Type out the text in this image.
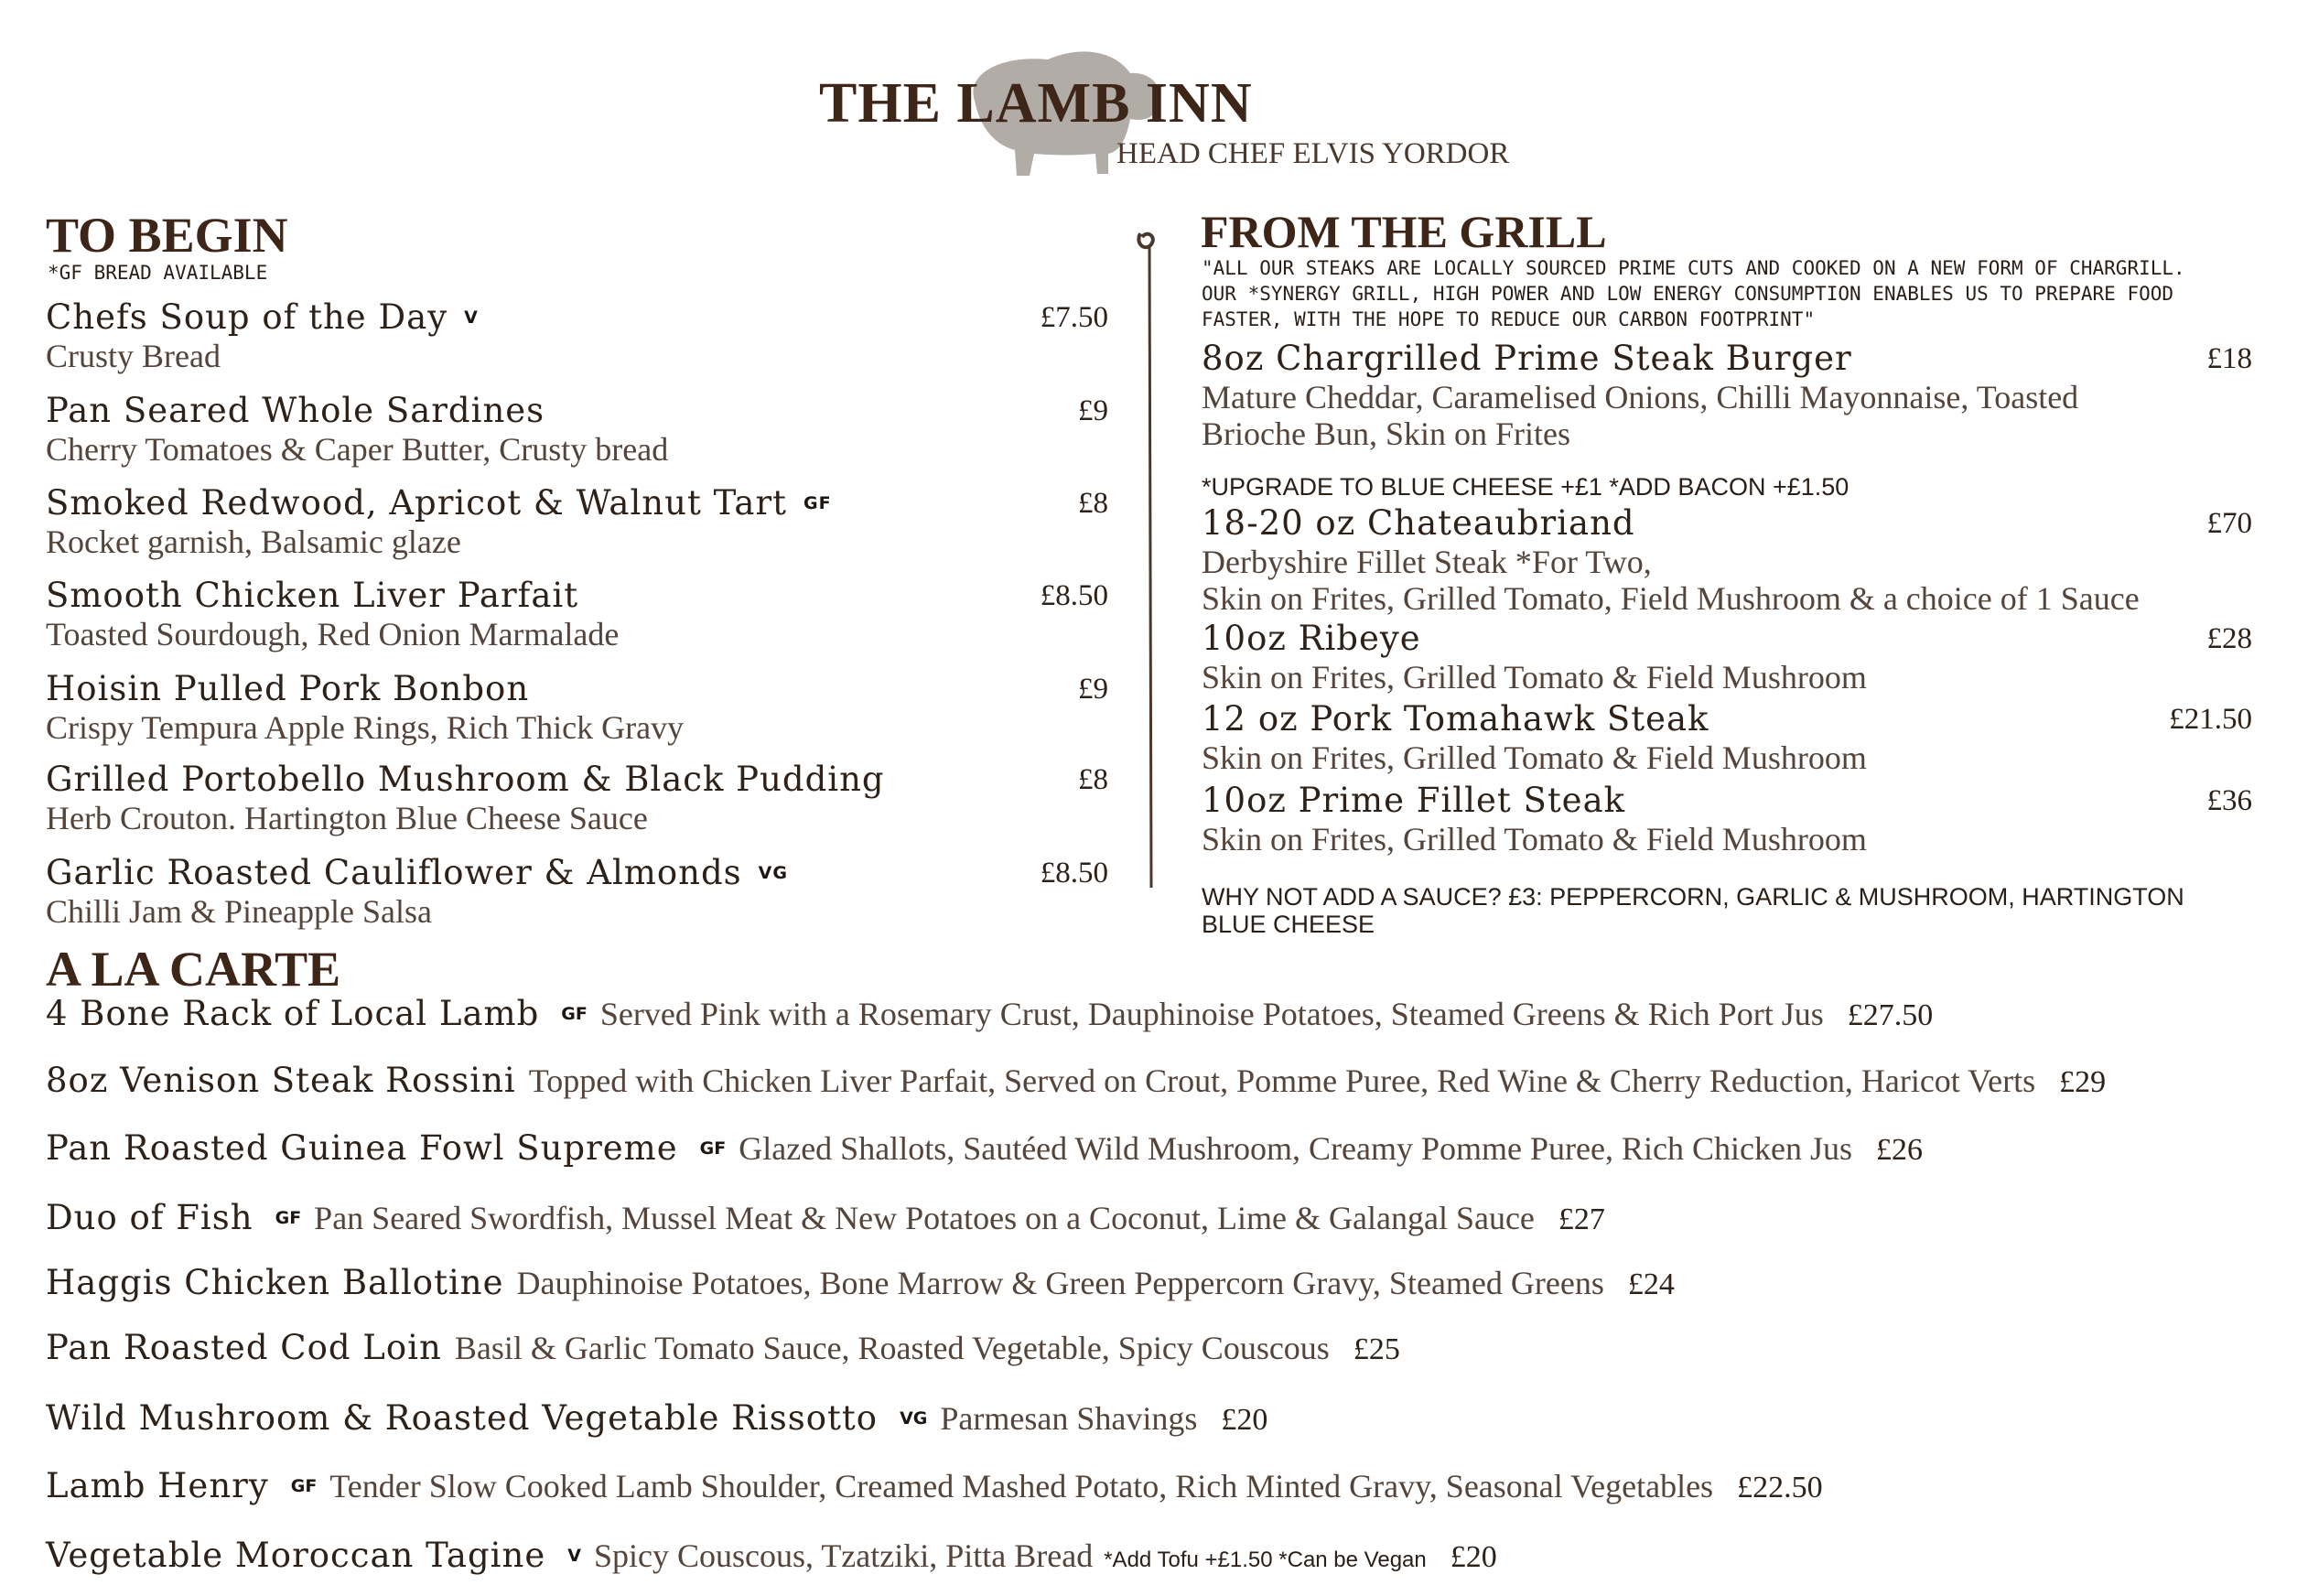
THE LAMB INN
HEAD CHEF ELVIS YORDOR
TO BEGIN
*GF BREAD AVAILABLE
Chefs Soup of the Day V
Crusty Bread
£7.50
Pan Seared Whole Sardines
Cherry Tomatoes & Caper Butter, Crusty bread
£9
Smoked Redwood, Apricot & Walnut Tart GF
Rocket garnish, Balsamic glaze
£8
Smooth Chicken Liver Parfait
Toasted Sourdough, Red Onion Marmalade
£8.50
Hoisin Pulled Pork Bonbon
Crispy Tempura Apple Rings, Rich Thick Gravy
£9
Grilled Portobello Mushroom & Black Pudding
Herb Crouton. Hartington Blue Cheese Sauce
£8
Garlic Roasted Cauliflower & Almonds VG
Chilli Jam & Pineapple Salsa
£8.50
FROM THE GRILL
"ALL OUR STEAKS ARE LOCALLY SOURCED PRIME CUTS AND COOKED ON A NEW FORM OF CHARGRILL.
OUR *SYNERGY GRILL, HIGH POWER AND LOW ENERGY CONSUMPTION ENABLES US TO PREPARE FOOD
FASTER, WITH THE HOPE TO REDUCE OUR CARBON FOOTPRINT"
8oz Chargrilled Prime Steak Burger
Mature Cheddar, Caramelised Onions, Chilli Mayonnaise, Toasted Brioche Bun, Skin on Frites
£18
*UPGRADE TO BLUE CHEESE +£1 *ADD BACON +£1.50
18-20 oz Chateaubriand
Derbyshire Fillet Steak *For Two,
Skin on Frites, Grilled Tomato, Field Mushroom & a choice of 1 Sauce
£70
10oz Ribeye
Skin on Frites, Grilled Tomato & Field Mushroom
£28
12 oz Pork Tomahawk Steak
Skin on Frites, Grilled Tomato & Field Mushroom
£21.50
10oz Prime Fillet Steak
Skin on Frites, Grilled Tomato & Field Mushroom
£36
WHY NOT ADD A SAUCE? £3: PEPPERCORN, GARLIC & MUSHROOM, HARTINGTON BLUE CHEESE
A LA CARTE
4 Bone Rack of Local Lamb GF Served Pink with a Rosemary Crust, Dauphinoise Potatoes, Steamed Greens & Rich Port Jus £27.50
8oz Venison Steak Rossini Topped with Chicken Liver Parfait, Served on Crout, Pomme Puree, Red Wine & Cherry Reduction, Haricot Verts £29
Pan Roasted Guinea Fowl Supreme GF Glazed Shallots, Sautéed Wild Mushroom, Creamy Pomme Puree, Rich Chicken Jus £26
Duo of Fish GF Pan Seared Swordfish, Mussel Meat & New Potatoes on a Coconut, Lime & Galangal Sauce £27
Haggis Chicken Ballotine Dauphinoise Potatoes, Bone Marrow & Green Peppercorn Gravy, Steamed Greens £24
Pan Roasted Cod Loin Basil & Garlic Tomato Sauce, Roasted Vegetable, Spicy Couscous £25
Wild Mushroom & Roasted Vegetable Rissotto VG Parmesan Shavings £20
Lamb Henry GF Tender Slow Cooked Lamb Shoulder, Creamed Mashed Potato, Rich Minted Gravy, Seasonal Vegetables £22.50
Vegetable Moroccan Tagine V Spicy Couscous, Tzatziki, Pitta Bread *Add Tofu +£1.50 *Can be Vegan £20
